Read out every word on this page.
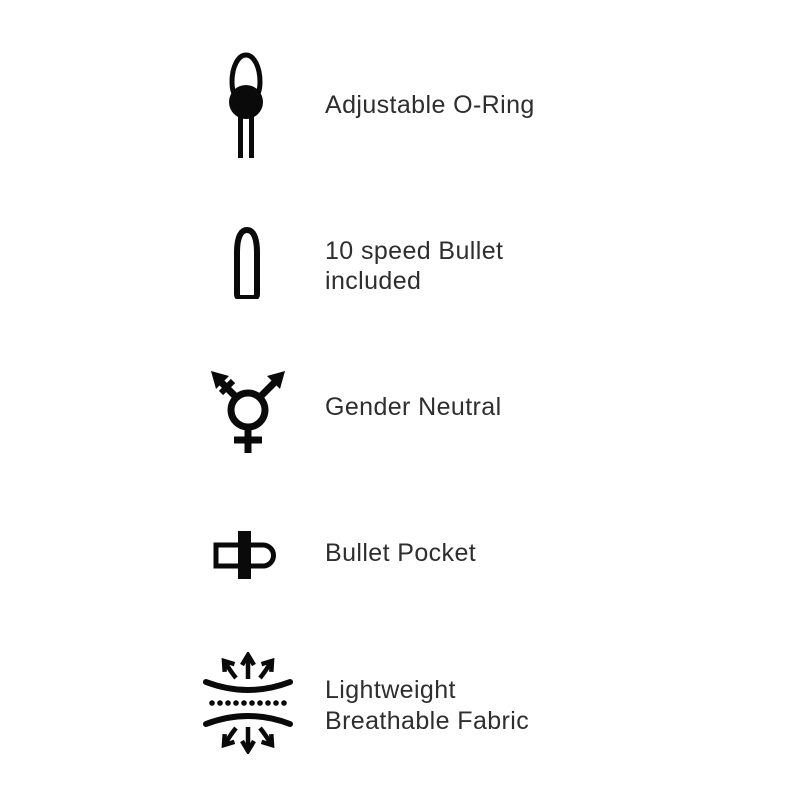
Adjustable O-Ring
10 speed Bullet
included
Gender Neutral
Bullet Pocket
Lightweight
Breathable Fabric
